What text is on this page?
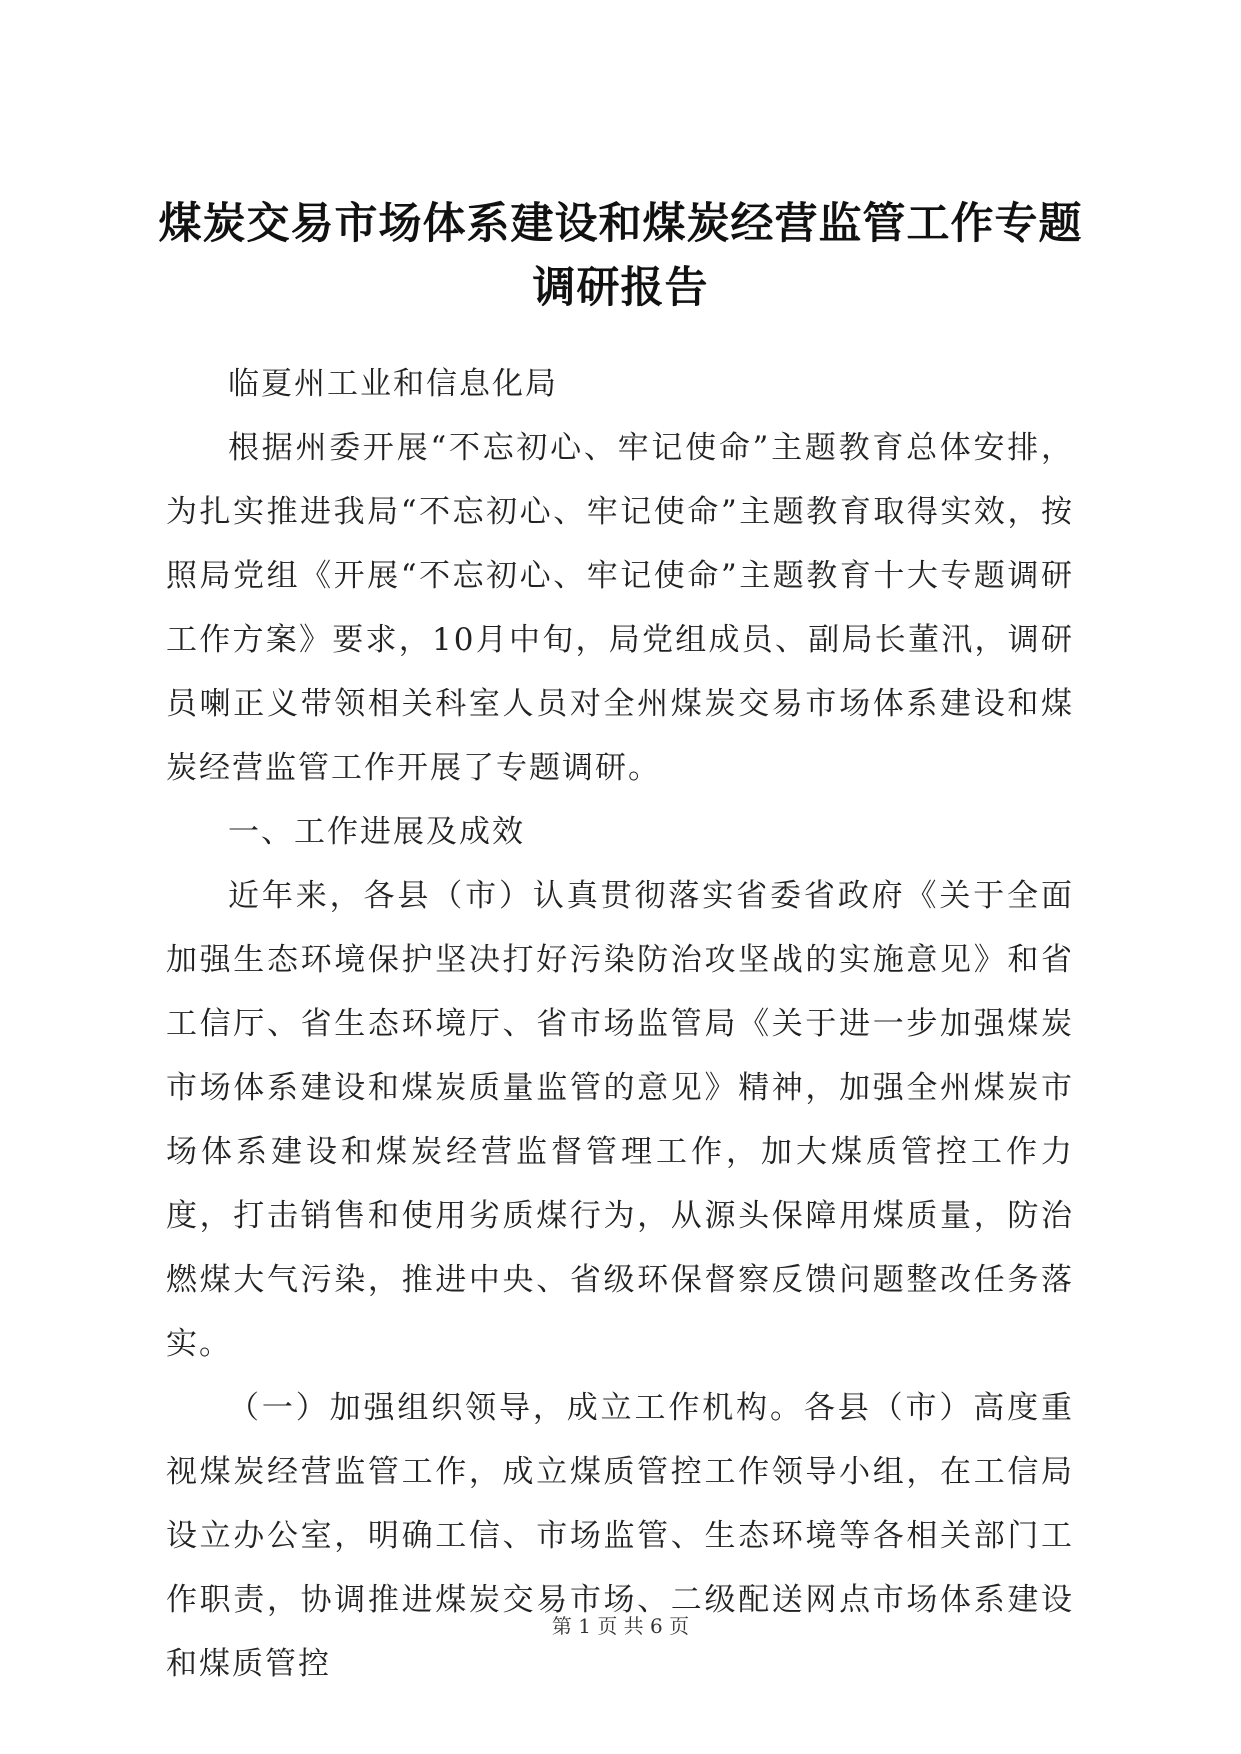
煤炭交易市场体系建设和煤炭经营监管工作专题调研报告

临夏州工业和信息化局

根据州委开展“不忘初心、牢记使命”主题教育总体安排，为扎实推进我局“不忘初心、牢记使命”主题教育取得实效，按照局党组《开展“不忘初心、牢记使命”主题教育十大专题调研工作方案》要求，10月中旬，局党组成员、副局长董汛，调研员喇正义带领相关科室人员对全州煤炭交易市场体系建设和煤炭经营监管工作开展了专题调研。

一、工作进展及成效

近年来，各县（市）认真贯彻落实省委省政府《关于全面加强生态环境保护坚决打好污染防治攻坚战的实施意见》和省工信厅、省生态环境厅、省市场监管局《关于进一步加强煤炭市场体系建设和煤炭质量监管的意见》精神，加强全州煤炭市场体系建设和煤炭经营监督管理工作，加大煤质管控工作力度，打击销售和使用劣质煤行为，从源头保障用煤质量，防治燃煤大气污染，推进中央、省级环保督察反馈问题整改任务落实。

（一）加强组织领导，成立工作机构。各县（市）高度重视煤炭经营监管工作，成立煤质管控工作领导小组，在工信局设立办公室，明确工信、市场监管、生态环境等各相关部门工作职责，协调推进煤炭交易市场、二级配送网点市场体系建设和煤质管控

第 1 页 共 6 页
